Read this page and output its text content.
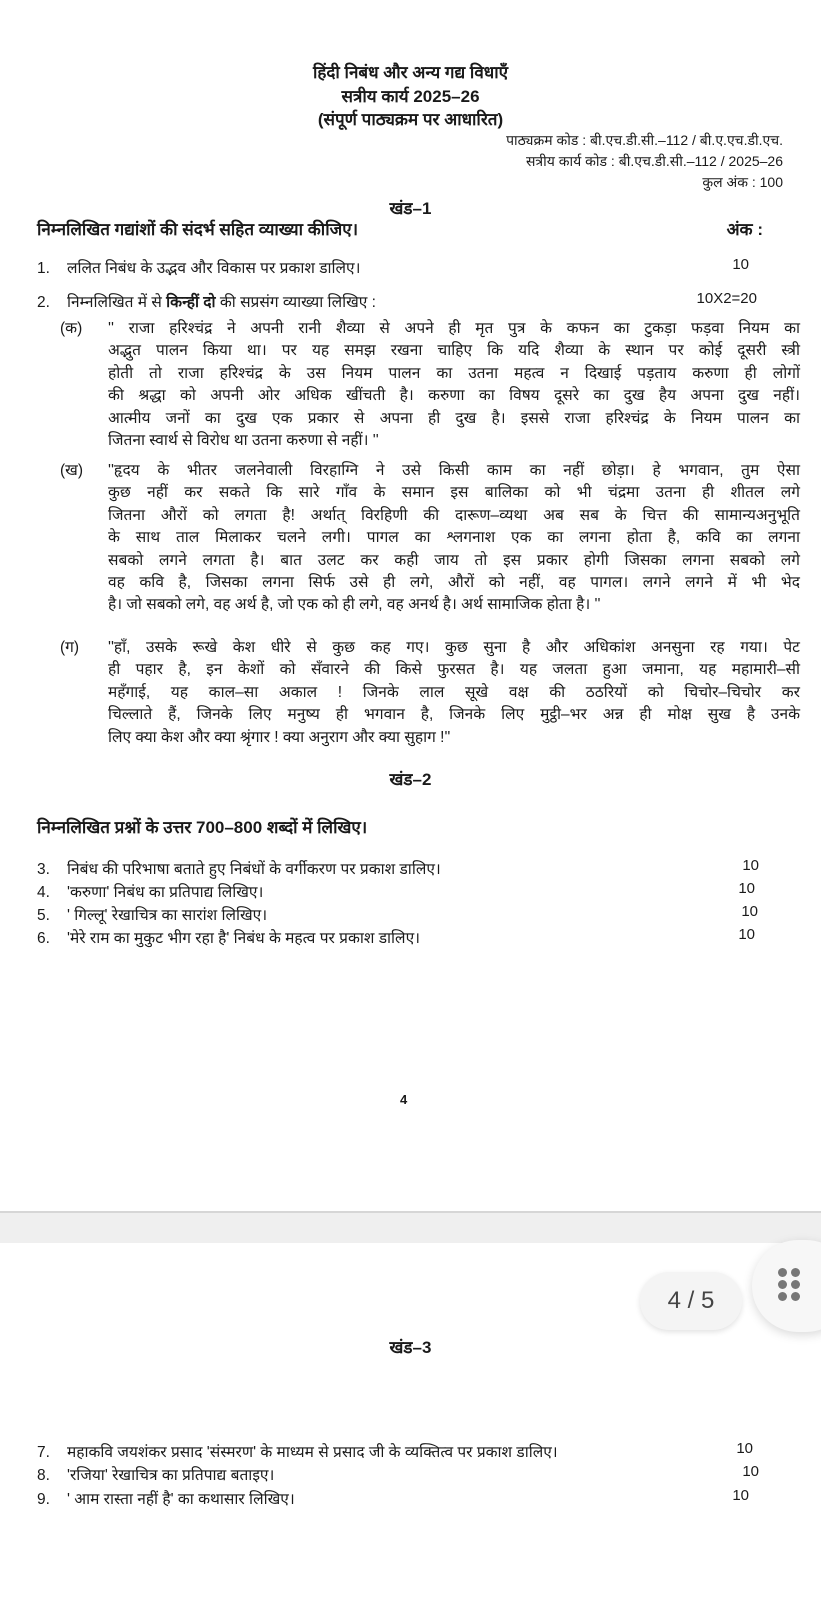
हिंदी निबंध और अन्य गद्य विधाएँ
सत्रीय कार्य 2025–26
(संपूर्ण पाठ्यक्रम पर आधारित)
पाठ्यक्रम कोड : बी.एच.डी.सी.–112 / बी.ए.एच.डी.एच.
सत्रीय कार्य कोड : बी.एच.डी.सी.–112 / 2025–26
कुल अंक : 100
खंड–1
निम्नलिखित गद्यांशों की संदर्भ सहित व्याख्या कीजिए।	अंक :
1. ललित निबंध के उद्भव और विकास पर प्रकाश डालिए।	10
2. निम्नलिखित में से किन्हीं दो की सप्रसंग व्याख्या लिखिए :	10X2=20
(क) '' राजा हरिश्चंद्र ने अपनी रानी शैव्या से अपने ही मृत पुत्र के कफन का टुकड़ा फड़वा नियम का
अद्भुत पालन किया था। पर यह समझ रखना चाहिए कि यदि शैव्या के स्थान पर कोई दूसरी स्त्री
होती तो राजा हरिश्चंद्र के उस नियम पालन का उतना महत्व न दिखाई पड़ताय करुणा ही लोगों
की श्रद्धा को अपनी ओर अधिक खींचती है। करुणा का विषय दूसरे का दुख हैय अपना दुख नहीं।
आत्मीय जनों का दुख एक प्रकार से अपना ही दुख है। इससे राजा हरिश्चंद्र के नियम पालन का
जितना स्वार्थ से विरोध था उतना करुणा से नहीं। ''
(ख) ''हृदय के भीतर जलनेवाली विरहाग्नि ने उसे किसी काम का नहीं छोड़ा। हे भगवान, तुम ऐसा
कुछ नहीं कर सकते कि सारे गाँव के समान इस बालिका को भी चंद्रमा उतना ही शीतल लगे
जितना औरों को लगता है! अर्थात् विरहिणी की दारूण–व्यथा अब सब के चित्त की सामान्यअनुभूति
के साथ ताल मिलाकर चलने लगी। पागल का श्लगनाश एक का लगना होता है, कवि का लगना
सबको लगने लगता है। बात उलट कर कही जाय तो इस प्रकार होगी जिसका लगना सबको लगे
वह कवि है, जिसका लगना सिर्फ उसे ही लगे, औरों को नहीं, वह पागल। लगने लगने में भी भेद
है। जो सबको लगे, वह अर्थ है, जो एक को ही लगे, वह अनर्थ है। अर्थ सामाजिक होता है। ''
(ग) ''हाँ, उसके रूखे केश धीरे से कुछ कह गए। कुछ सुना है और अधिकांश अनसुना रह गया। पेट
ही पहार है, इन केशों को सँवारने की किसे फुरसत है। यह जलता हुआ जमाना, यह महामारी–सी
महँगाई, यह काल–सा अकाल ! जिनके लाल सूखे वक्ष की ठठरियों को चिचोर–चिचोर कर
चिल्लाते हैं, जिनके लिए मनुष्य ही भगवान है, जिनके लिए मुट्ठी–भर अन्न ही मोक्ष सुख है उनके
लिए क्या केश और क्या श्रृंगार ! क्या अनुराग और क्या सुहाग !''
खंड–2
निम्नलिखित प्रश्नों के उत्तर 700–800 शब्दों में लिखिए।
3. निबंध की परिभाषा बताते हुए निबंधों के वर्गीकरण पर प्रकाश डालिए।	10
4. 'करुणा' निबंध का प्रतिपाद्य लिखिए।	10
5. ' गिल्लू' रेखाचित्र का सारांश लिखिए।	10
6. 'मेरे राम का मुकुट भीग रहा है' निबंध के महत्व पर प्रकाश डालिए।	10
4
खंड–3
7. महाकवि जयशंकर प्रसाद 'संस्मरण' के माध्यम से प्रसाद जी के व्यक्तित्व पर प्रकाश डालिए।	10
8. 'रजिया' रेखाचित्र का प्रतिपाद्य बताइए।	10
9. ' आम रास्ता नहीं है' का कथासार लिखिए।	10
4 / 5
